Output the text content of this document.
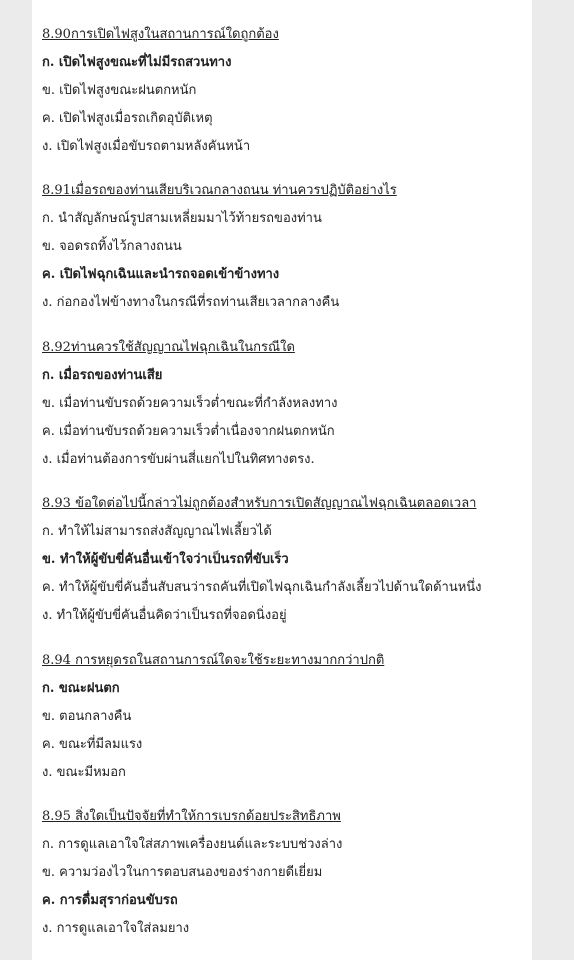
8.90การเปิดไฟสูงในสถานการณ์ใดถูกต้อง
ก. เปิดไฟสูงขณะที่ไม่มีรถสวนทาง
ข. เปิดไฟสูงขณะฝนตกหนัก
ค. เปิดไฟสูงเมื่อรถเกิดอุบัติเหตุ
ง. เปิดไฟสูงเมื่อขับรถตามหลังคันหน้า
8.91เมื่อรถของท่านเสียบริเวณกลางถนน ท่านควรปฏิบัติอย่างไร
ก. นำสัญลักษณ์รูปสามเหลี่ยมมาไว้ท้ายรถของท่าน
ข. จอดรถทิ้งไว้กลางถนน
ค. เปิดไฟฉุกเฉินและนำรถจอดเข้าข้างทาง
ง. ก่อกองไฟข้างทางในกรณีที่รถท่านเสียเวลากลางคืน
8.92ท่านควรใช้สัญญาณไฟฉุกเฉินในกรณีใด
ก. เมื่อรถของท่านเสีย
ข. เมื่อท่านขับรถด้วยความเร็วต่ำขณะที่กำลังหลงทาง
ค. เมื่อท่านขับรถด้วยความเร็วต่ำเนื่องจากฝนตกหนัก
ง. เมื่อท่านต้องการขับผ่านสี่แยกไปในทิศทางตรง.
8.93 ข้อใดต่อไปนี้กล่าวไม่ถูกต้องสำหรับการเปิดสัญญาณไฟฉุกเฉินตลอดเวลา
ก. ทำให้ไม่สามารถส่งสัญญาณไฟเลี้ยวได้
ข. ทำให้ผู้ขับขี่คันอื่นเข้าใจว่าเป็นรถที่ขับเร็ว
ค. ทำให้ผู้ขับขี่คันอื่นสับสนว่ารถคันที่เปิดไฟฉุกเฉินกำลังเลี้ยวไปด้านใดด้านหนึ่ง
ง. ทำให้ผู้ขับขี่คันอื่นคิดว่าเป็นรถที่จอดนิ่งอยู่
8.94 การหยุดรถในสถานการณ์ใดจะใช้ระยะทางมากกว่าปกติ
ก. ขณะฝนตก
ข. ตอนกลางคืน
ค. ขณะที่มีลมแรง
ง. ขณะมีหมอก
8.95 สิ่งใดเป็นปัจจัยที่ทำให้การเบรกด้อยประสิทธิภาพ
ก. การดูแลเอาใจใส่สภาพเครื่องยนต์และระบบช่วงล่าง
ข. ความว่องไวในการตอบสนองของร่างกายดีเยี่ยม
ค. การดื่มสุราก่อนขับรถ
ง. การดูแลเอาใจใส่ลมยาง
